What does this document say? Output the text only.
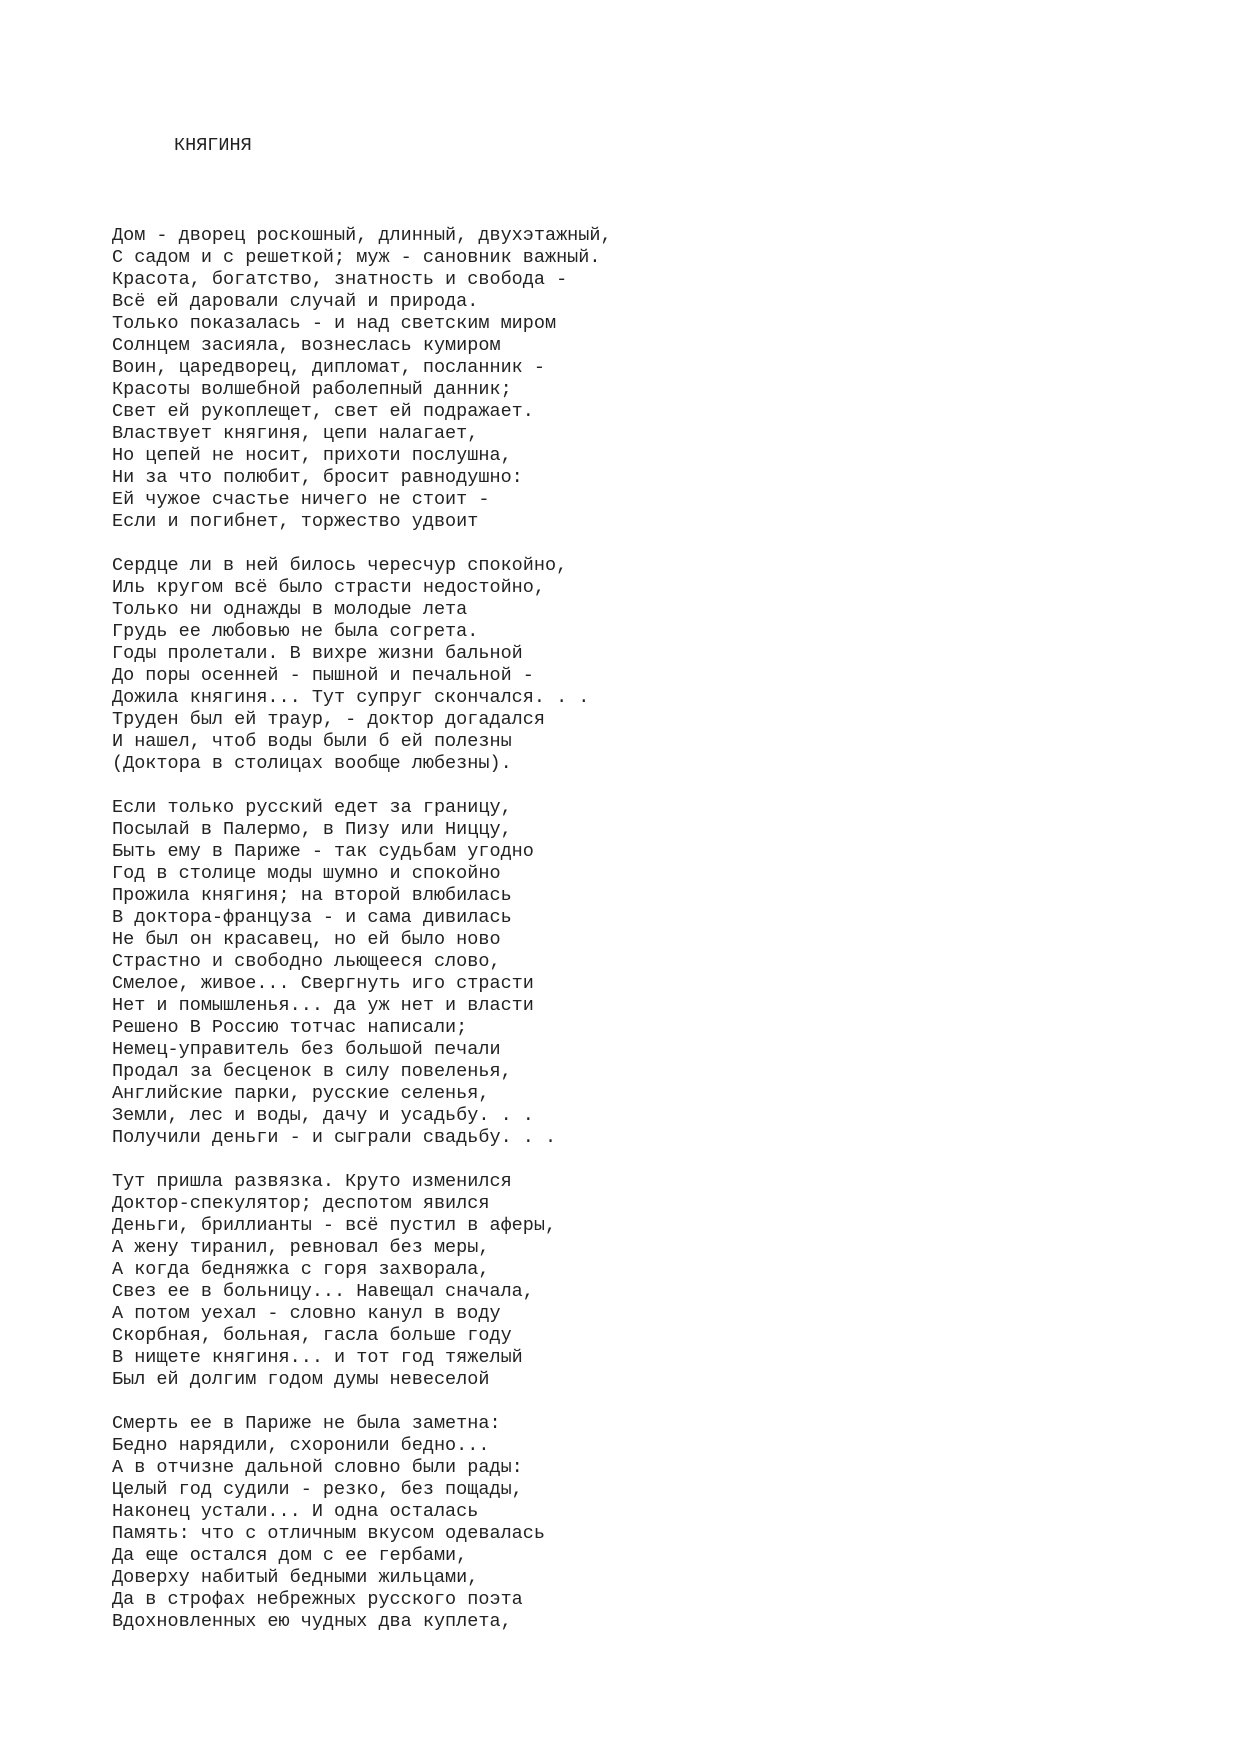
КНЯГИНЯ
Дом - дворец роскошный, длинный, двухэтажный,
С садом и с решеткой; муж - сановник важный.
Красота, богатство, знатность и свобода -
Всё ей даровали случай и природа.
Только показалась - и над светским миром
Солнцем засияла, вознеслась кумиром
Воин, царедворец, дипломат, посланник -
Красоты волшебной раболепный данник;
Свет ей рукоплещет, свет ей подражает.
Властвует княгиня, цепи налагает,
Но цепей не носит, прихоти послушна,
Ни за что полюбит, бросит равнодушно:
Ей чужое счастье ничего не стоит -
Если и погибнет, торжество удвоит
Сердце ли в ней билось чересчур спокойно,
Иль кругом всё было страсти недостойно,
Только ни однажды в молодые лета
Грудь ее любовью не была согрета.
Годы пролетали. В вихре жизни бальной
До поры осенней - пышной и печальной -
Дожила княгиня... Тут супруг скончался. . .
Труден был ей траур, - доктор догадался
И нашел, чтоб воды были б ей полезны
(Доктора в столицах вообще любезны).
Если только русский едет за границу,
Посылай в Палермо, в Пизу или Ниццу,
Быть ему в Париже - так судьбам угодно
Год в столице моды шумно и спокойно
Прожила княгиня; на второй влюбилась
В доктора-француза - и сама дивилась
Не был он красавец, но ей было ново
Страстно и свободно льющееся слово,
Смелое, живое... Свергнуть иго страсти
Нет и помышленья... да уж нет и власти
Решено В Россию тотчас написали;
Немец-управитель без большой печали
Продал за бесценок в силу повеленья,
Английские парки, русские селенья,
Земли, лес и воды, дачу и усадьбу. . .
Получили деньги - и сыграли свадьбу. . .
Тут пришла развязка. Круто изменился
Доктор-спекулятор; деспотом явился
Деньги, бриллианты - всё пустил в аферы,
А жену тиранил, ревновал без меры,
А когда бедняжка с горя захворала,
Свез ее в больницу... Навещал сначала,
А потом уехал - словно канул в воду
Скорбная, больная, гасла больше году
В нищете княгиня... и тот год тяжелый
Был ей долгим годом думы невеселой
Смерть ее в Париже не была заметна:
Бедно нарядили, схоронили бедно...
А в отчизне дальной словно были рады:
Целый год судили - резко, без пощады,
Наконец устали... И одна осталась
Память: что с отличным вкусом одевалась
Да еще остался дом с ее гербами,
Доверху набитый бедными жильцами,
Да в строфах небрежных русского поэта
Вдохновленных ею чудных два куплета,
